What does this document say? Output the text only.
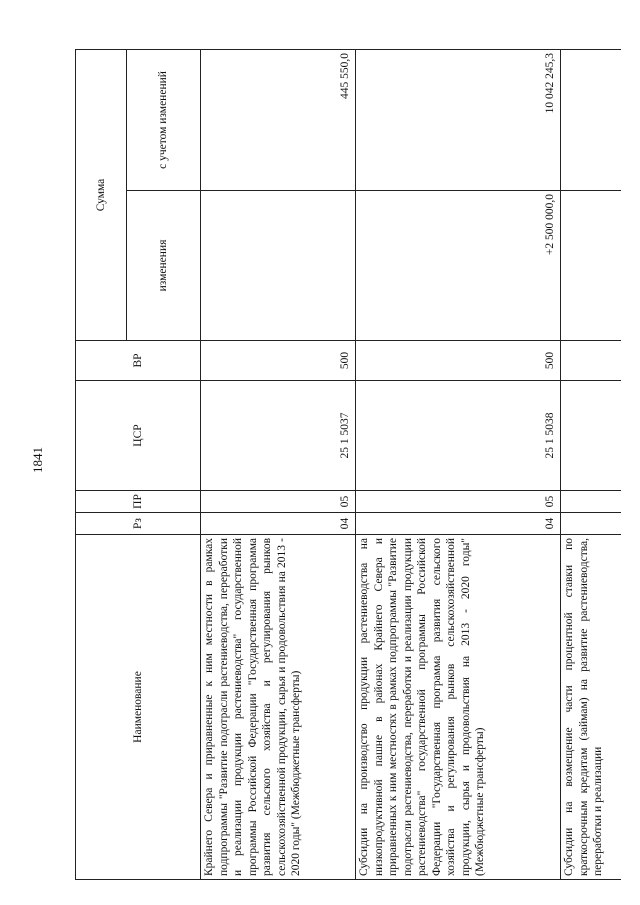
1841
Наименование	Рз	ПР	ЦСР	ВР	Сумма	
					изменения	с учетом изменений
Крайнего Севера и приравненные к ним местности в рамках подпрограммы "Развитие подотрасли растениеводства, переработки и реализации продукции растениеводства" государственной программы Российской Федерации "Государственная программа развития сельского хозяйства и регулирования рынков сельскохозяйственной продукции, сырья и продовольствия на 2013 - 2020 годы" (Межбюджетные трансферты)	04	05	25 1 5037	500		445 550,0
Субсидии на производство продукции растениеводства на низкопродуктивной пашне в районах Крайнего Севера и приравненных к ним местностях в рамках подпрограммы "Развитие подотрасли растениеводства, переработки и реализации продукции растениеводства" государственной программы Российской Федерации "Государственная программа развития сельского хозяйства и регулирования рынков сельскохозяйственной продукции, сырья и продовольствия на 2013 - 2020 годы" (Межбюджетные трансферты)	04	05	25 1 5038	500	+2 500 000,0	10 042 245,3
Субсидии на возмещение части процентной ставки по краткосрочным кредитам (займам) на развитие растениеводства, переработки и реализации						
